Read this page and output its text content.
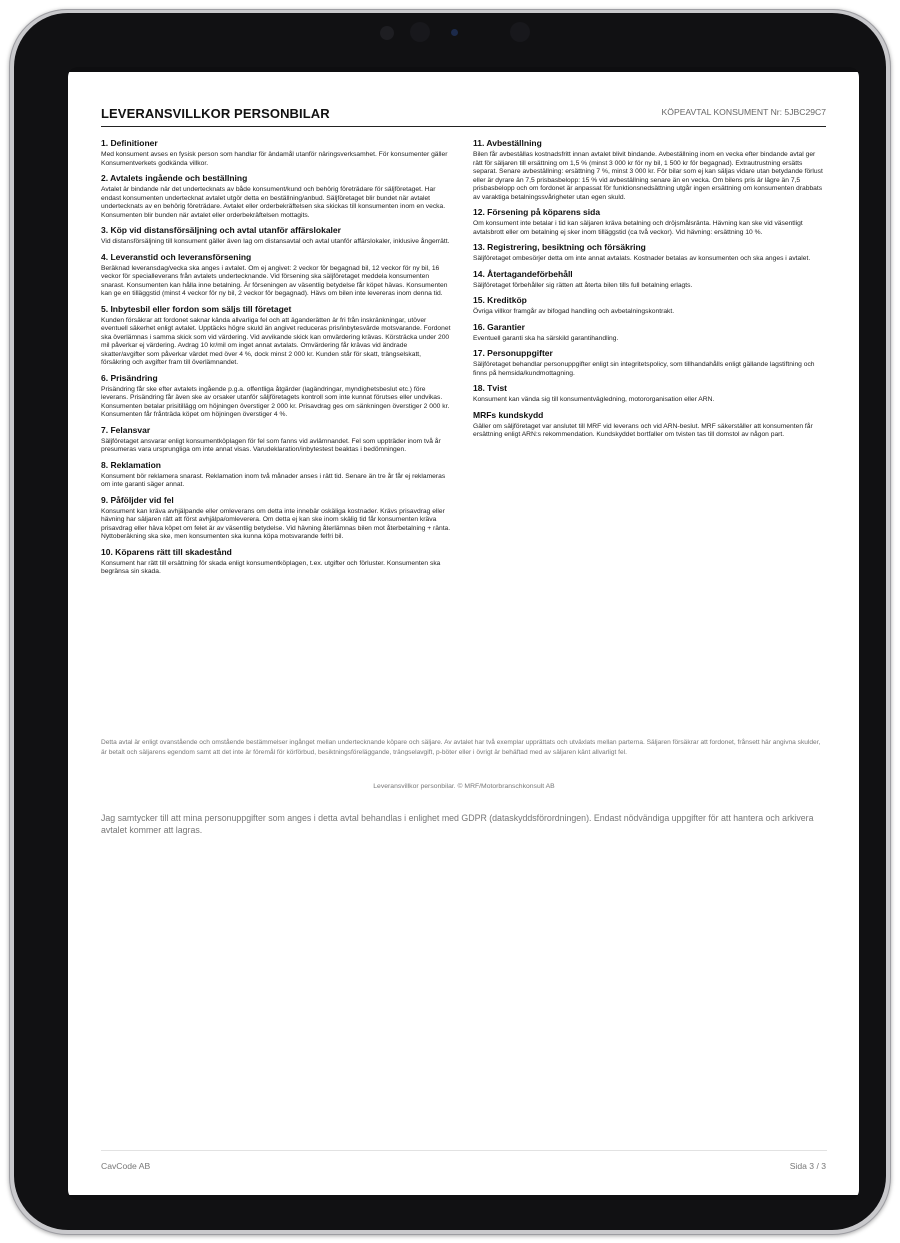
LEVERANSVILLKOR PERSONBILAR	KÖPEAVTAL KONSUMENT Nr: 5JBC29C7
1. Definitioner

Med konsument avses en fysisk person som handlar för ändamål utanför näringsverksamhet. För konsumenter gäller Konsumentverkets godkända villkor.

2. Avtalets ingående och beställning

Avtalet är bindande när det undertecknats av både konsument/kund och behörig företrädare för säljföretaget. Har endast konsumenten undertecknat avtalet utgör detta en beställning/anbud. Säljföretaget blir bundet när avtalet undertecknats av en behörig företrädare. Avtalet eller orderbekräftelsen ska skickas till konsumenten inom en vecka. Konsumenten blir bunden när avtalet eller orderbekräftelsen mottagits.

3. Köp vid distansförsäljning och avtal utanför affärslokaler

Vid distansförsäljning till konsument gäller även lag om distansavtal och avtal utanför affärslokaler, inklusive ångerrätt.

4. Leveranstid och leveransförsening

Beräknad leveransdag/vecka ska anges i avtalet. Om ej angivet: 2 veckor för begagnad bil, 12 veckor för ny bil, 16 veckor för specialleverans från avtalets undertecknande. Vid försening ska säljföretaget meddela konsumenten snarast. Konsumenten kan hålla inne betalning. Är förseningen av väsentlig betydelse får köpet hävas. Konsumenten kan ge en tilläggstid (minst 4 veckor för ny bil, 2 veckor för begagnad). Hävs om bilen inte levereras inom denna tid.

5. Inbytesbil eller fordon som säljs till företaget

Kunden försäkrar att fordonet saknar kända allvarliga fel och att äganderätten är fri från inskränkningar, utöver eventuell säkerhet enligt avtalet. Upptäcks högre skuld än angivet reduceras pris/inbytesvärde motsvarande. Fordonet ska överlämnas i samma skick som vid värdering. Vid avvikande skick kan omvärdering krävas. Körsträcka under 200 mil påverkar ej värdering. Avdrag 10 kr/mil om inget annat avtalats. Omvärdering får krävas vid ändrade skatter/avgifter som påverkar värdet med över 4 %, dock minst 2 000 kr. Kunden står för skatt, trängselskatt, försäkring och avgifter fram till överlämnandet.

6. Prisändring

Prisändring får ske efter avtalets ingående p.g.a. offentliga åtgärder (lagändringar, myndighetsbeslut etc.) före leverans. Prisändring får även ske av orsaker utanför säljföretagets kontroll som inte kunnat förutses eller undvikas. Konsumenten betalar prisitillägg om höjningen överstiger 2 000 kr. Prisavdrag ges om sänkningen överstiger 2 000 kr. Konsumenten får frånträda köpet om höjningen överstiger 4 %.

7. Felansvar

Säljföretaget ansvarar enligt konsumentköplagen för fel som fanns vid avlämnandet. Fel som uppträder inom två år presumeras vara ursprungliga om inte annat visas. Varudeklaration/inbytestest beaktas i bedömningen.

8. Reklamation

Konsument bör reklamera snarast. Reklamation inom två månader anses i rätt tid. Senare än tre år får ej reklameras om inte garanti säger annat.

9. Påföljder vid fel

Konsument kan kräva avhjälpande eller omleverans om detta inte innebär oskäliga kostnader. Krävs prisavdrag eller hävning har säljaren rätt att först avhjälpa/omleverera. Om detta ej kan ske inom skälig tid får konsumenten kräva prisavdrag eller häva köpet om felet är av väsentlig betydelse. Vid hävning återlämnas bilen mot återbetalning + ränta. Nyttoberäkning ska ske, men konsumenten ska kunna köpa motsvarande felfri bil.

10. Köparens rätt till skadestånd

Konsument har rätt till ersättning för skada enligt konsumentköplagen, t.ex. utgifter och förluster. Konsumenten ska begränsa sin skada.

11. Avbeställning

Bilen får avbeställas kostnadsfritt innan avtalet blivit bindande. Avbeställning inom en vecka efter bindande avtal ger rätt för säljaren till ersättning om 1,5 % (minst 3 000 kr för ny bil, 1 500 kr för begagnad). Extrautrustning ersätts separat. Senare avbeställning: ersättning 7 %, minst 3 000 kr. För bilar som ej kan säljas vidare utan betydande förlust eller är dyrare än 7,5 prisbasbelopp: 15 % vid avbeställning senare än en vecka. Om bilens pris är lägre än 7,5 prisbasbelopp och om fordonet är anpassat för funktionsnedsättning utgår ingen ersättning om konsumenten drabbats av varaktiga betalningssvårigheter utan egen skuld.

12. Försening på köparens sida

Om konsument inte betalar i tid kan säljaren kräva betalning och dröjsmålsränta. Hävning kan ske vid väsentligt avtalsbrott eller om betalning ej sker inom tilläggstid (ca två veckor). Vid hävning: ersättning 10 %.

13. Registrering, besiktning och försäkring

Säljföretaget ombesörjer detta om inte annat avtalats. Kostnader betalas av konsumenten och ska anges i avtalet.

14. Återtagandeförbehåll

Säljföretaget förbehåller sig rätten att återta bilen tills full betalning erlagts.

15. Kreditköp

Övriga villkor framgår av bifogad handling och avbetalningskontrakt.

16. Garantier

Eventuell garanti ska ha särskild garantihandling.

17. Personuppgifter

Säljföretaget behandlar personuppgifter enligt sin integritetspolicy, som tillhandahålls enligt gällande lagstiftning och finns på hemsida/kundmottagning.

18. Tvist

Konsument kan vända sig till konsumentvägledning, motororganisation eller ARN.

MRFs kundskydd

Gäller om säljföretaget var anslutet till MRF vid leverans och vid ARN-beslut. MRF säkerställer att konsumenten får ersättning enligt ARN:s rekommendation. Kundskyddet bortfaller om tvisten tas till domstol av någon part.

Detta avtal är enligt ovanstående och omstående bestämmelser ingånget mellan undertecknande köpare och säljare. Av avtalet har två exemplar upprättats och utväxlats mellan parterna. Säljaren försäkrar att fordonet, frånsett här angivna skulder, är betalt och säljarens egendom samt att det inte är föremål för körförbud, besiktningsföreläggande, trängselavgift, p-böter eller i övrigt är behäftad med av säljaren känt allvarligt fel.
Leveransvillkor personbilar. © MRF/Motorbranschkonsult AB
Jag samtycker till att mina personuppgifter som anges i detta avtal behandlas i enlighet med GDPR (dataskyddsförordningen). Endast nödvändiga uppgifter för att hantera och arkivera avtalet kommer att lagras.
CavCode AB	Sida 3 / 3
